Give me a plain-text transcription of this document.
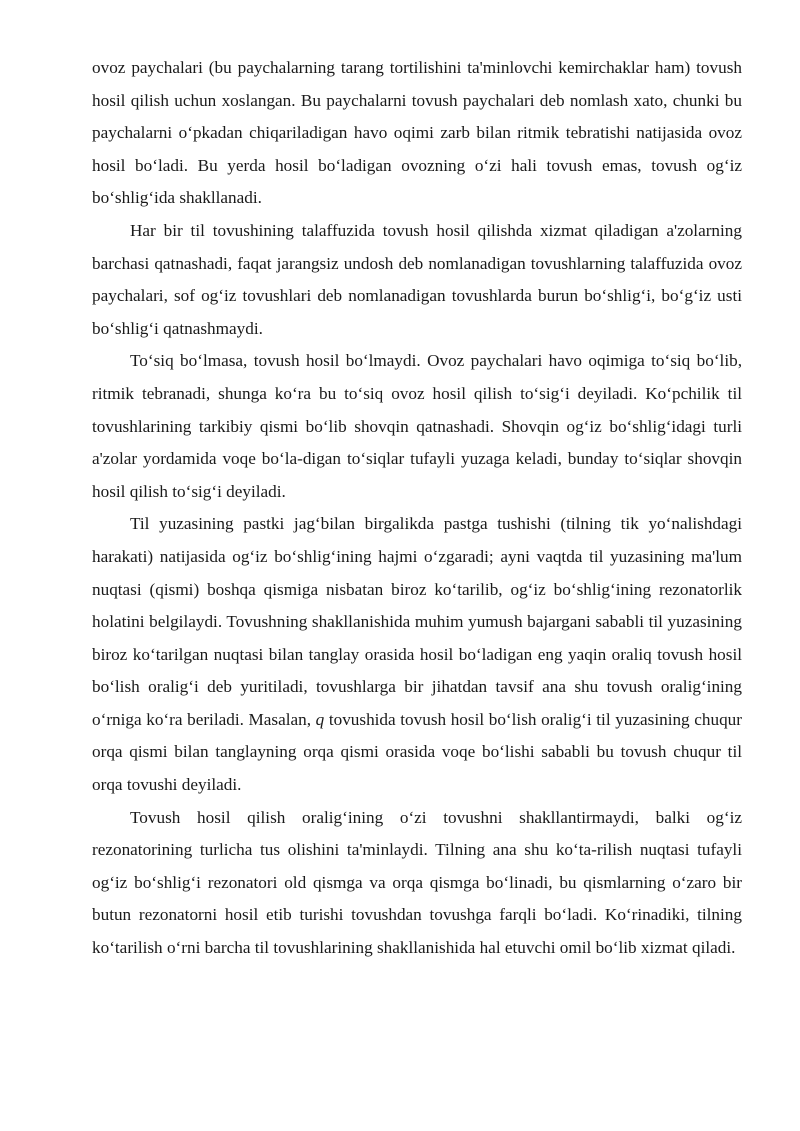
ovoz paychalari (bu paychalarning tarang tortilishini ta'minlovchi kemirchaklar ham) tovush hosil qilish uchun xoslangan. Bu paychalarni tovush paychalari deb nomlash xato, chunki bu paychalarni o‘pkadan chiqariladigan havo oqimi zarb bilan ritmik tebratishi natijasida ovoz hosil bo‘ladi. Bu yerda hosil bo‘ladigan ovozning o‘zi hali tovush emas, tovush og‘iz bo‘shlig‘ida shakllanadi.

Har bir til tovushining talaffuzida tovush hosil qilishda xizmat qiladigan a'zolarning barchasi qatnashadi, faqat jarangsiz undosh deb nomlanadigan tovushlarning talaffuzida ovoz paychalari, sof og‘iz tovushlari deb nomlanadigan tovushlarda burun bo‘shlig‘i, bo‘g‘iz usti bo‘shlig‘i qatnashmaydi.

To‘siq bo‘lmasa, tovush hosil bo‘lmaydi. Ovoz paychalari havo oqimiga to‘siq bo‘lib, ritmik tebranadi, shunga ko‘ra bu to‘siq ovoz hosil qilish to‘sig‘i deyiladi. Ko‘pchilik til tovushlarining tarkibiy qismi bo‘lib shovqin qatnashadi. Shovqin og‘iz bo‘shlig‘idagi turli a'zolar yordamida voqe bo‘la-digan to‘siqlar tufayli yuzaga keladi, bunday to‘siqlar shovqin hosil qilish to‘sig‘i deyiladi.

Til yuzasining pastki jag‘bilan birgalikda pastga tushishi (tilning tik yo‘nalishdagi harakati) natijasida og‘iz bo‘shlig‘ining hajmi o‘zgaradi; ayni vaqtda til yuzasining ma'lum nuqtasi (qismi) boshqa qismiga nisbatan biroz ko‘tarilib, og‘iz bo‘shlig‘ining rezonatorlik holatini belgilaydi. Tovushning shakllanishida muhim yumush bajargani sababli til yuzasining biroz ko‘tarilgan nuqtasi bilan tanglay orasida hosil bo‘ladigan eng yaqin oraliq tovush hosil bo‘lish oralig‘i deb yuritiladi, tovushlarga bir jihatdan tavsif ana shu tovush oralig‘ining o‘rniga ko‘ra beriladi. Masalan, q tovushida tovush hosil bo‘lish oralig‘i til yuzasining chuqur orqa qismi bilan tanglayning orqa qismi orasida voqe bo‘lishi sababli bu tovush chuqur til orqa tovushi deyiladi.

Tovush hosil qilish oralig‘ining o‘zi tovushni shakllantirmaydi, balki og‘iz rezonatorining turlicha tus olishini ta'minlaydi. Tilning ana shu ko‘ta-rilish nuqtasi tufayli og‘iz bo‘shlig‘i rezonatori old qismga va orqa qismga bo‘linadi, bu qismlarning o‘zaro bir butun rezonatorni hosil etib turishi tovushdan tovushga farqli bo‘ladi. Ko‘rinadiki, tilning ko‘tarilish o‘rni barcha til tovushlarining shakllanishida hal etuvchi omil bo‘lib xizmat qiladi.
